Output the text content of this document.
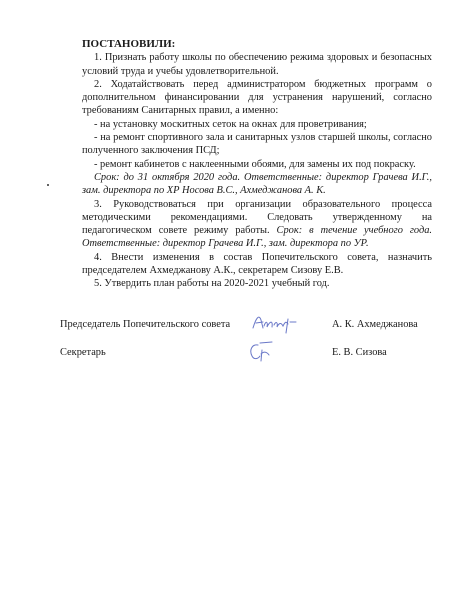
ПОСТАНОВИЛИ:
1. Признать работу школы по обеспечению режима здоровых и безопасных условий труда и учебы удовлетворительной.
2. Ходатайствовать перед администратором бюджетных программ о дополнительном финансировании для устранения нарушений, согласно требованиям Санитарных правил, а именно:
- на установку москитных сеток на окнах для проветривания;
- на ремонт спортивного зала и санитарных узлов старшей школы, согласно полученного заключения ПСД;
- ремонт кабинетов с наклеенными обоями, для замены их под покраску.
Срок: до 31 октября 2020 года. Ответственные: директор Грачева И.Г., зам. директора по ХР Носова В.С., Ахмеджанова А. К.
3. Руководствоваться при организации образовательного процесса методическими рекомендациями. Следовать утвержденному на педагогическом совете режиму работы. Срок: в течение учебного года. Ответственные: директор Грачева И.Г., зам. директора по УР.
4. Внести изменения в состав Попечительского совета, назначить председателем Ахмеджанову А.К., секретарем Сизову Е.В.
5. Утвердить план работы на 2020-2021 учебный год.
Председатель Попечительского совета	А. К. Ахмеджанова
Секретарь	Е. В. Сизова
